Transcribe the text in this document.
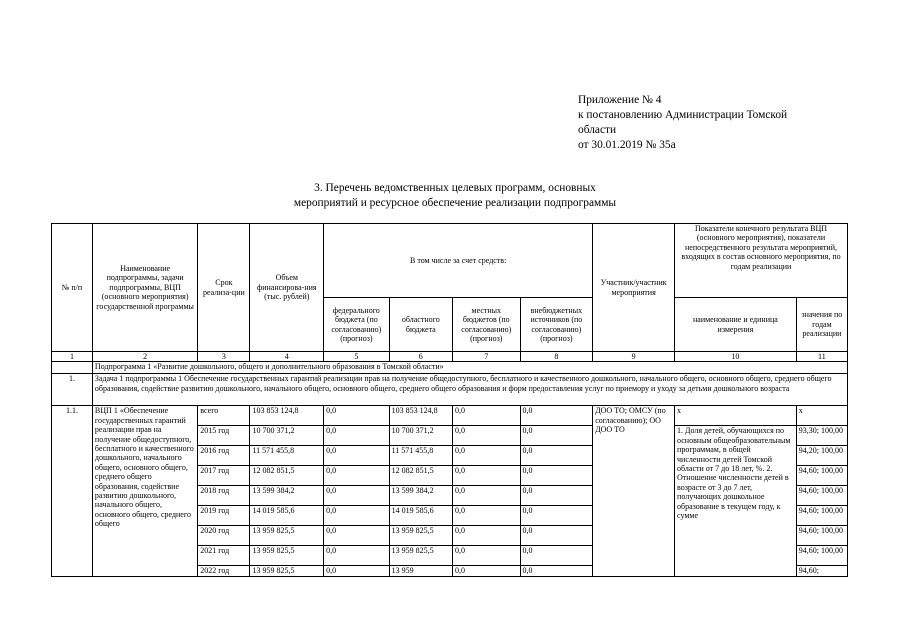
Приложение № 4
к постановлению Администрации Томской
области
от 30.01.2019 № 35а
3. Перечень ведомственных целевых программ, основных
мероприятий и ресурсное обеспечение реализации подпрограммы
№ п/п	Наименование подпрограммы, задачи подпрограммы, ВЦП (основного мероприятия) государственной программы	Срок реализа-ции	Объем финансирова-ния (тыс. рублей)	В том числе за счет средств:				Участник/участник мероприятия	Показатели конечного результата ВЦП (основного мероприятия), показатели непосредственного результата мероприятий, входящих в состав основного мероприятия, по годам реализации	
				федерального бюджета (по согласованию) (прогноз)	областного бюджета	местных бюджетов (по согласованию) (прогноз)	внебюджетных источников (по согласованию) (прогноз)		наименование и единица измерения	значения по годам реализации
1	2	3	4	5	6	7	8	9	10	11
	Подпрограмма 1 «Развитие дошкольного, общего и дополнительного образования в Томской области»									
1.	Задача 1 подпрограммы 1 Обеспечение государственных гарантий реализации прав на получение общедоступного, бесплатного и качественного дошкольного, начального общего, основного общего, среднего общего образования, содействие развитию дошкольного, начального общего, основного общего, среднего общего образования и форм предоставления услуг по приемору и уходу за детьми дошкольного возраста									
1.1.	ВЦП 1 «Обеспечение государственных гарантий реализации прав на получение общедоступного, бесплатного и качественного дошкольного, начального общего, основного общего, среднего общего образования, содействие развитию дошкольного, начального общего, основного общего, среднего общего	всего	103 853 124,8	0,0	103 853 124,8	0,0	0,0	ДОО ТО; ОМСУ (по согласованию); ОО ДОО ТО	x	x
		2015 год	10 700 371,2	0,0	10 700 371,2	0,0	0,0		1. Доля детей, обучающихся по основным общеобразовательным программам, в общей численности детей Томской области от 7 до 18 лет, %. 2. Отношение численности детей в возрасте от 3 до 7 лет, получающих дошкольное образование в текущем году, к сумме	93,30; 100,00
		2016 год	11 571 455,8	0,0	11 571 455,8	0,0	0,0			94,20; 100,00
		2017 год	12 082 851,5	0,0	12 082 851,5	0,0	0,0			94,60; 100,00
		2018 год	13 599 384,2	0,0	13 599 384,2	0,0	0,0			94,60; 100,00
		2019 год	14 019 585,6	0,0	14 019 585,6	0,0	0,0			94,60; 100,00
		2020 год	13 959 825,5	0,0	13 959 825,5	0,0	0,0			94,60; 100,00
		2021 год	13 959 825,5	0,0	13 959 825,5	0,0	0,0			94,60; 100,00
		2022 год	13 959 825,5	0,0	13 959	0,0	0,0			94,60;
